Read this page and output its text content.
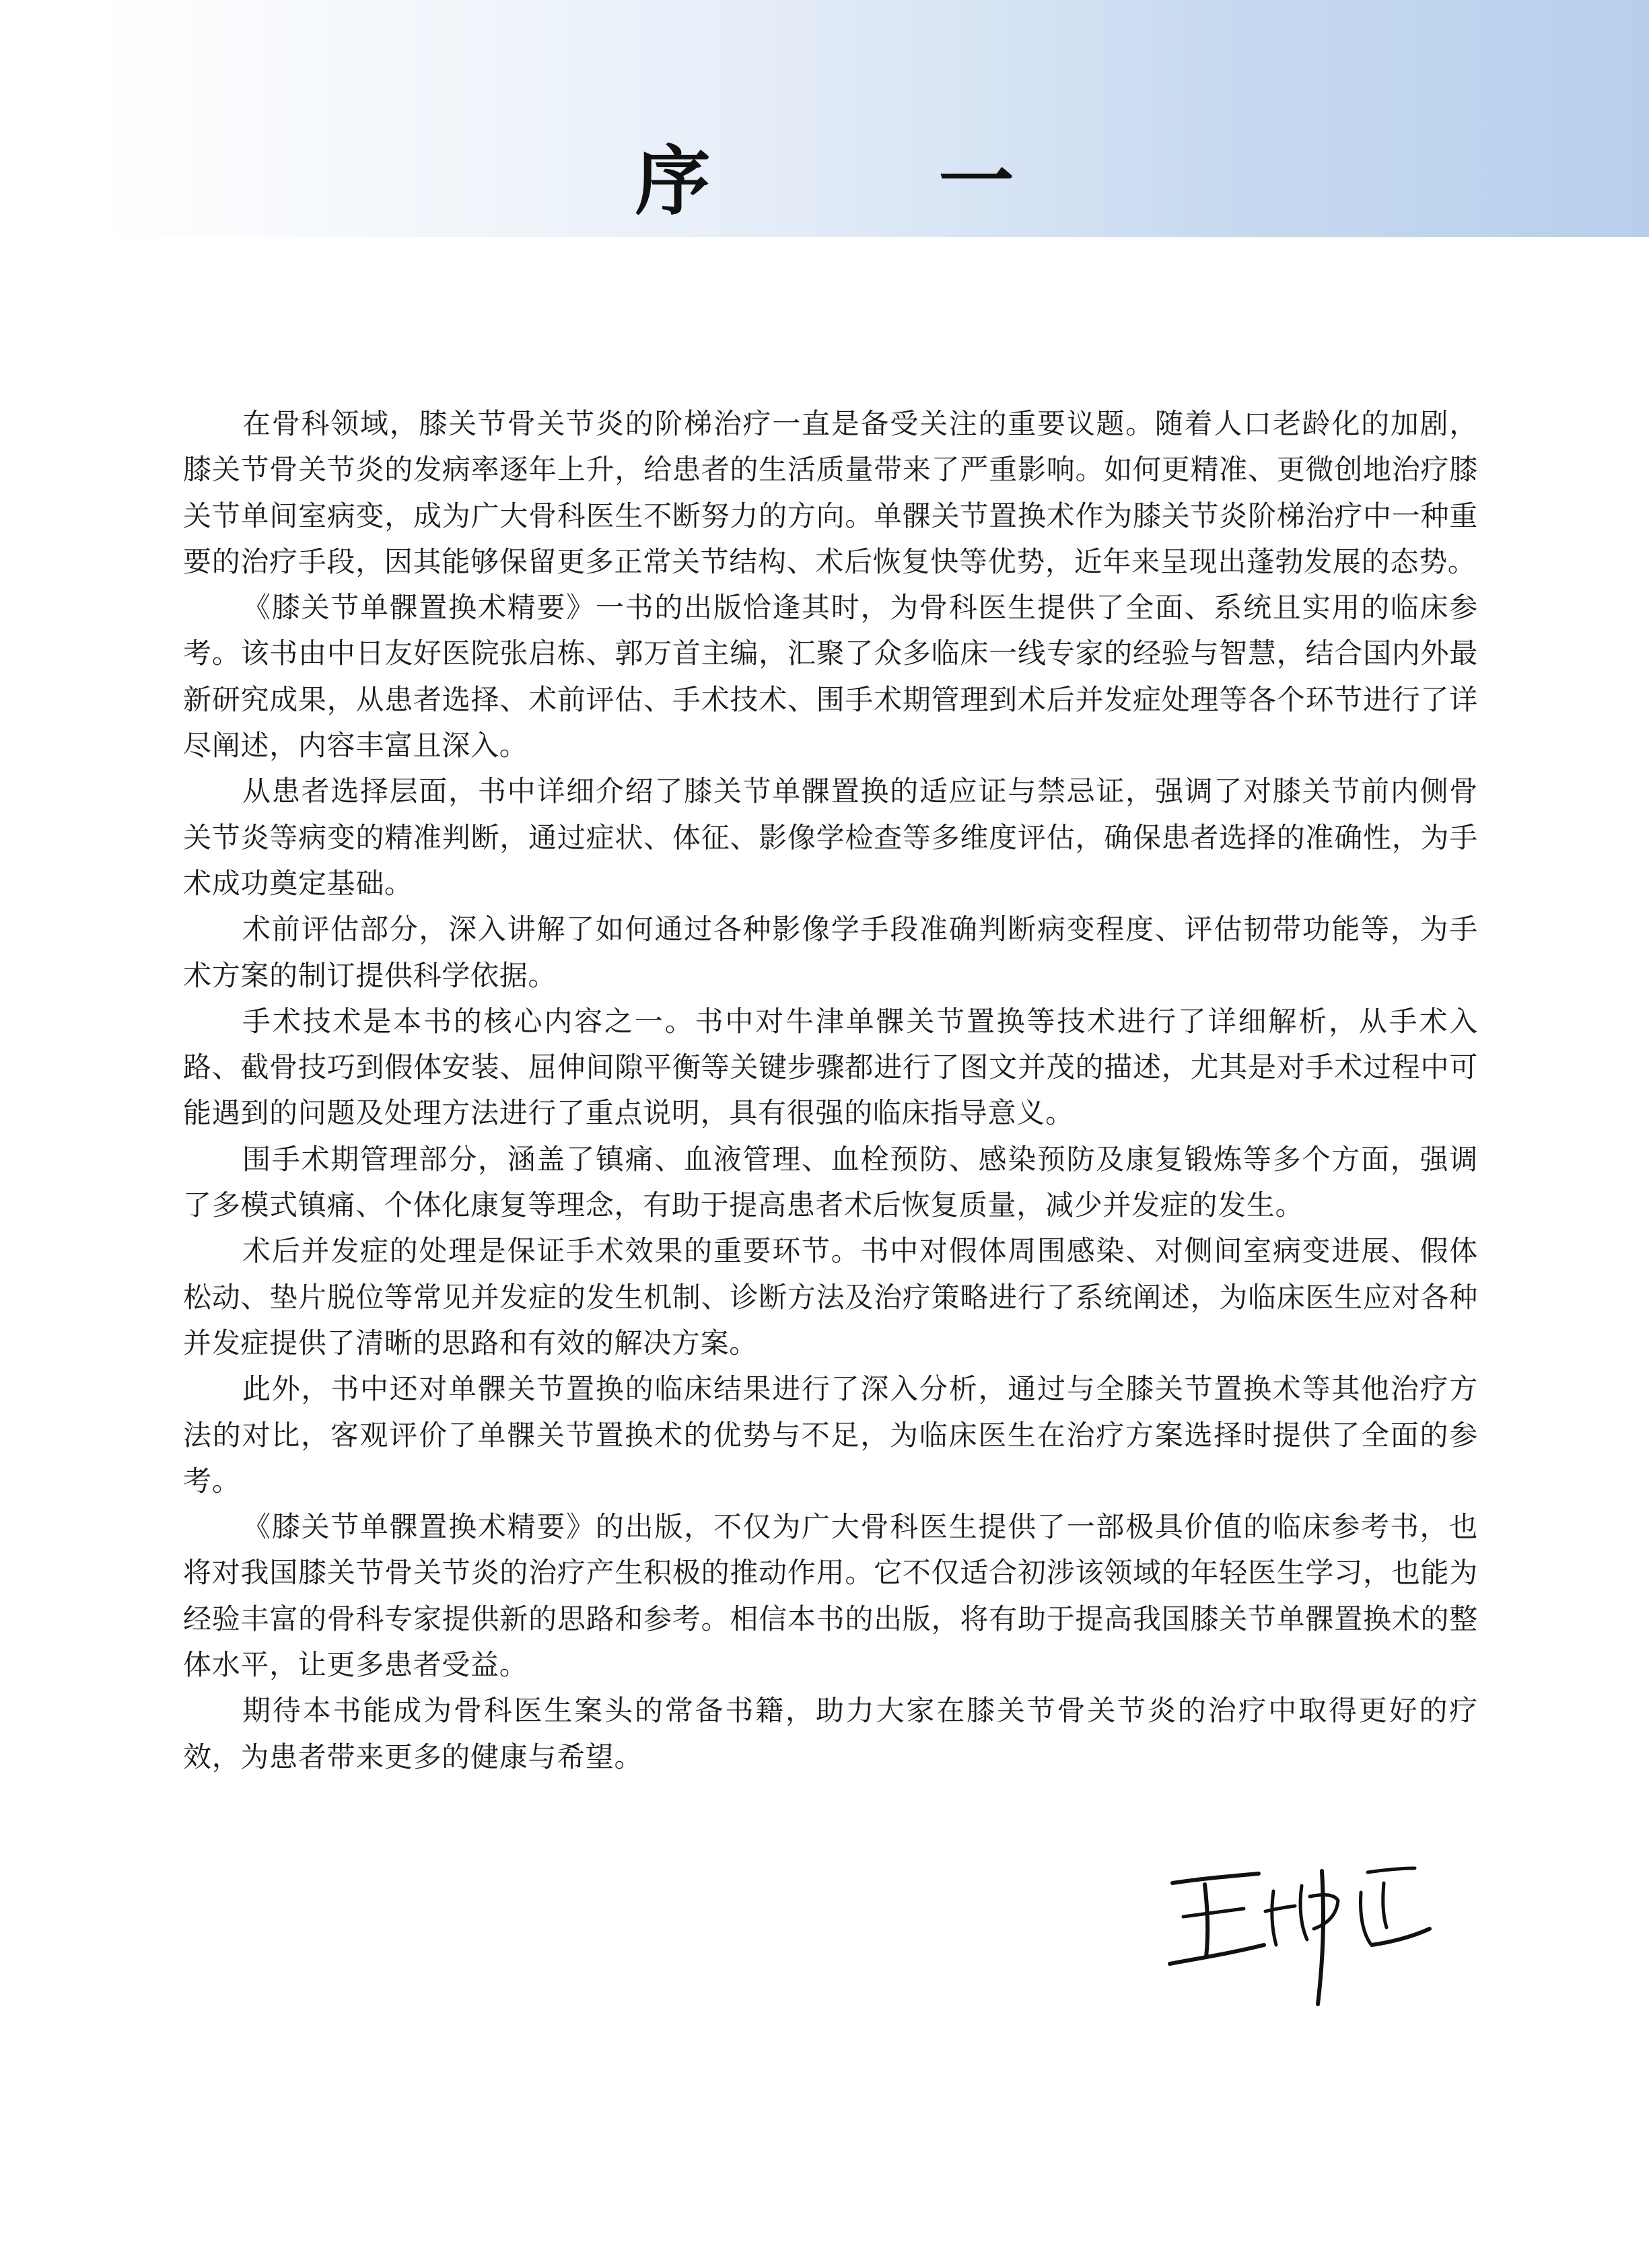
序 一

在骨科领域，膝关节骨关节炎的阶梯治疗一直是备受关注的重要议题。随着人口老龄化的加剧，膝关节骨关节炎的发病率逐年上升，给患者的生活质量带来了严重影响。如何更精准、更微创地治疗膝关节单间室病变，成为广大骨科医生不断努力的方向。单髁关节置换术作为膝关节炎阶梯治疗中一种重要的治疗手段，因其能够保留更多正常关节结构、术后恢复快等优势，近年来呈现出蓬勃发展的态势。

《膝关节单髁置换术精要》一书的出版恰逢其时，为骨科医生提供了全面、系统且实用的临床参考。该书由中日友好医院张启栋、郭万首主编，汇聚了众多临床一线专家的经验与智慧，结合国内外最新研究成果，从患者选择、术前评估、手术技术、围手术期管理到术后并发症处理等各个环节进行了详尽阐述，内容丰富且深入。

从患者选择层面，书中详细介绍了膝关节单髁置换的适应证与禁忌证，强调了对膝关节前内侧骨关节炎等病变的精准判断，通过症状、体征、影像学检查等多维度评估，确保患者选择的准确性，为手术成功奠定基础。

术前评估部分，深入讲解了如何通过各种影像学手段准确判断病变程度、评估韧带功能等，为手术方案的制订提供科学依据。

手术技术是本书的核心内容之一。书中对牛津单髁关节置换等技术进行了详细解析，从手术入路、截骨技巧到假体安装、屈伸间隙平衡等关键步骤都进行了图文并茂的描述，尤其是对手术过程中可能遇到的问题及处理方法进行了重点说明，具有很强的临床指导意义。

围手术期管理部分，涵盖了镇痛、血液管理、血栓预防、感染预防及康复锻炼等多个方面，强调了多模式镇痛、个体化康复等理念，有助于提高患者术后恢复质量，减少并发症的发生。

术后并发症的处理是保证手术效果的重要环节。书中对假体周围感染、对侧间室病变进展、假体松动、垫片脱位等常见并发症的发生机制、诊断方法及治疗策略进行了系统阐述，为临床医生应对各种并发症提供了清晰的思路和有效的解决方案。

此外，书中还对单髁关节置换的临床结果进行了深入分析，通过与全膝关节置换术等其他治疗方法的对比，客观评价了单髁关节置换术的优势与不足，为临床医生在治疗方案选择时提供了全面的参考。

《膝关节单髁置换术精要》的出版，不仅为广大骨科医生提供了一部极具价值的临床参考书，也将对我国膝关节骨关节炎的治疗产生积极的推动作用。它不仅适合初涉该领域的年轻医生学习，也能为经验丰富的骨科专家提供新的思路和参考。相信本书的出版，将有助于提高我国膝关节单髁置换术的整体水平，让更多患者受益。

期待本书能成为骨科医生案头的常备书籍，助力大家在膝关节骨关节炎的治疗中取得更好的疗效，为患者带来更多的健康与希望。
